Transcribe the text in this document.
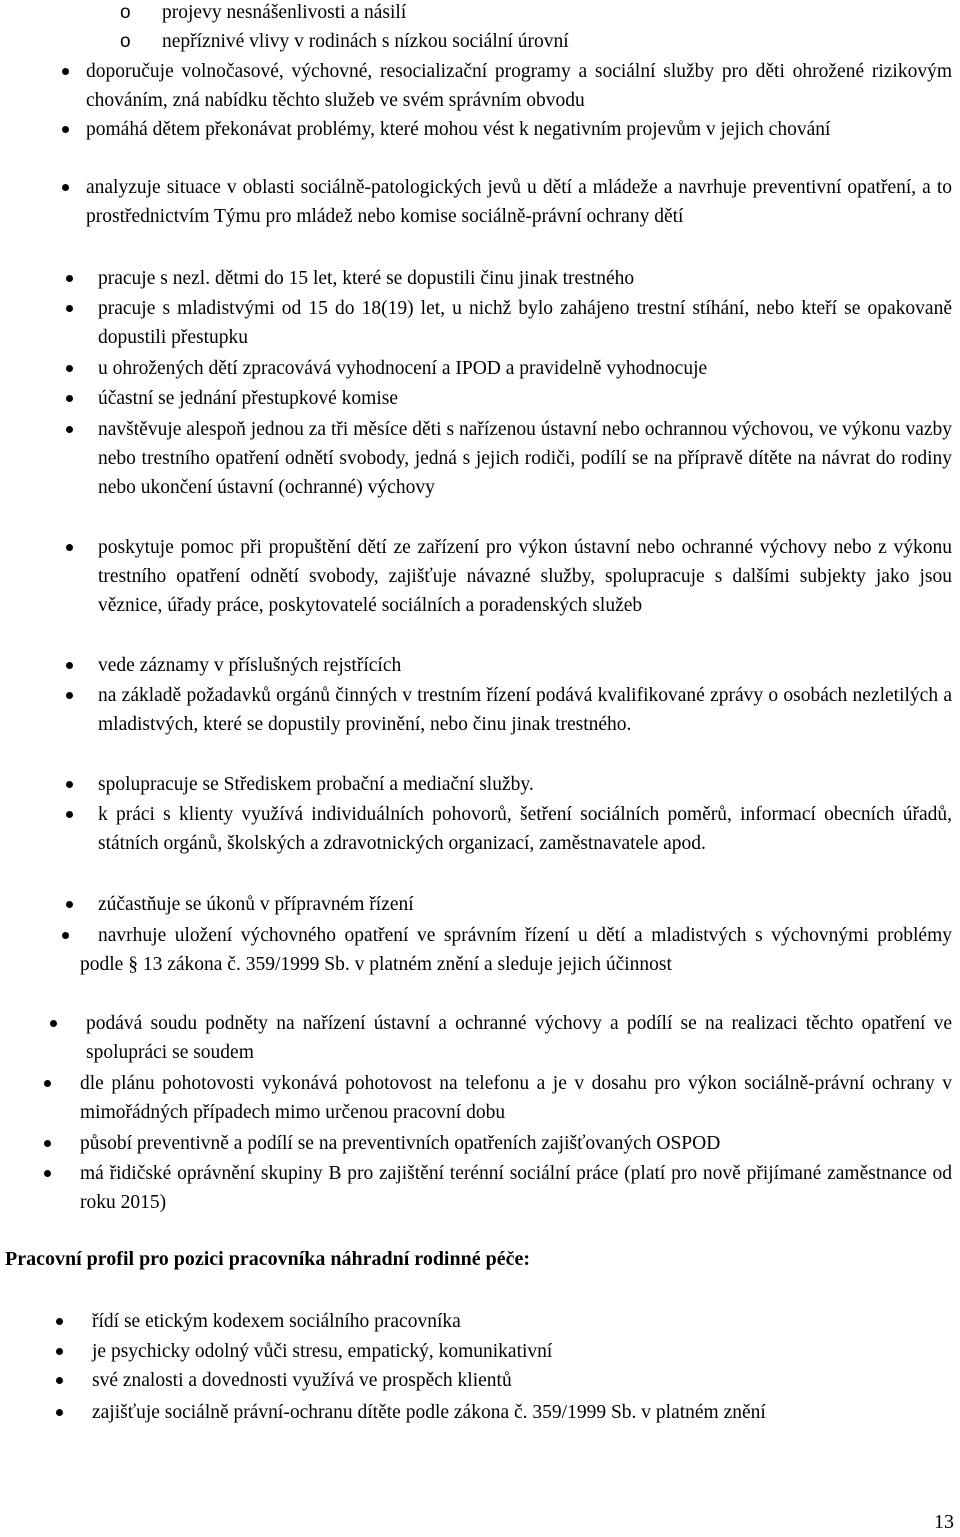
o projevy nesnášenlivosti a násilí
o nepříznivé vlivy v rodinách s nízkou sociální úrovní
doporučuje volnočasové, výchovné, resocializační programy a sociální služby pro děti ohrožené rizikovým chováním, zná nabídku těchto služeb ve svém správním obvodu
pomáhá dětem překonávat problémy, které mohou vést k negativním projevům v jejich chování
analyzuje situace v oblasti sociálně-patologických jevů u dětí a mládeže a navrhuje preventivní opatření, a to prostřednictvím Týmu pro mládež nebo komise sociálně-právní ochrany dětí
pracuje s nezl. dětmi do 15 let, které se dopustili činu jinak trestného
pracuje s mladistvými od 15 do 18(19) let, u nichž bylo zahájeno trestní stíhání, nebo kteří se opakovaně dopustili přestupku
u ohrožených dětí zpracovává vyhodnocení a IPOD a pravidelně vyhodnocuje
účastní se jednání přestupkové komise
navštěvuje alespoň jednou za tři měsíce děti s nařízenou ústavní nebo ochrannou výchovou, ve výkonu vazby nebo trestního opatření odnětí svobody, jedná s jejich rodiči, podílí se na přípravě dítěte na návrat do rodiny nebo ukončení ústavní (ochranné) výchovy
poskytuje pomoc při propuštění dětí ze zařízení pro výkon ústavní nebo ochranné výchovy nebo z výkonu trestního opatření odnětí svobody, zajišťuje návazné služby, spolupracuje s dalšími subjekty jako jsou věznice, úřady práce, poskytovatelé sociálních a poradenských služeb
vede záznamy v příslušných rejstřících
na základě požadavků orgánů činných v trestním řízení podává kvalifikované zprávy o osobách nezletilých a mladistvých, které se dopustily provinění, nebo činu jinak trestného.
spolupracuje se Střediskem probační a mediační služby.
k práci s klienty využívá individuálních pohovorů, šetření sociálních poměrů, informací obecních úřadů, státních orgánů, školských a zdravotnických organizací, zaměstnavatele apod.
zúčastňuje se úkonů v přípravném řízení
navrhuje uložení výchovného opatření ve správním řízení u dětí a mladistvých s výchovnými problémy podle § 13 zákona č. 359/1999 Sb. v platném znění a sleduje jejich účinnost
podává soudu podněty na nařízení ústavní a ochranné výchovy a podílí se na realizaci těchto opatření ve spolupráci se soudem
dle plánu pohotovosti vykonává pohotovost na telefonu a je v dosahu pro výkon sociálně-právní ochrany v mimořádných případech mimo určenou pracovní dobu
působí preventivně a podílí se na preventivních opatřeních zajišťovaných OSPOD
má řidičské oprávnění skupiny B pro zajištění terénní sociální práce (platí pro nově přijímané zaměstnance od roku 2015)
Pracovní profil pro pozici pracovníka náhradní rodinné péče:
řídí se etickým kodexem sociálního pracovníka
je psychicky odolný vůči stresu, empatický, komunikativní
své znalosti a dovednosti využívá ve prospěch klientů
zajišťuje sociálně právní-ochranu dítěte podle zákona č. 359/1999 Sb. v platném znění
13
